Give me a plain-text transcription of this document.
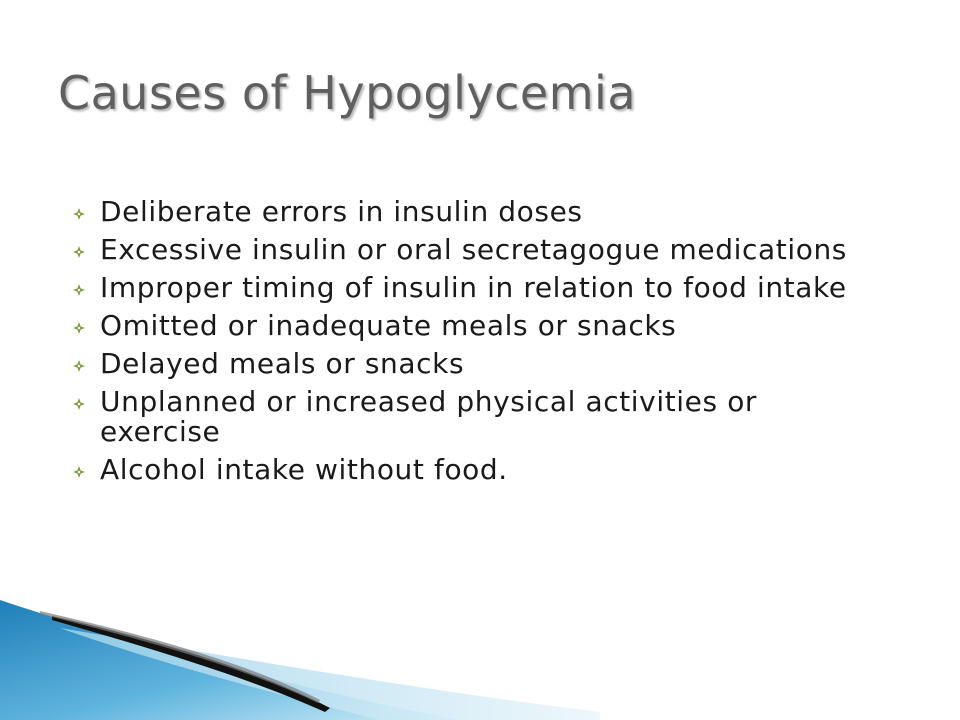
Causes of Hypoglycemia
Deliberate errors in insulin doses
Excessive insulin or oral secretagogue medications
Improper timing of insulin in relation to food intake
Omitted or inadequate meals or snacks
Delayed meals or snacks
Unplanned or increased physical activities or exercise
Alcohol intake without food.
